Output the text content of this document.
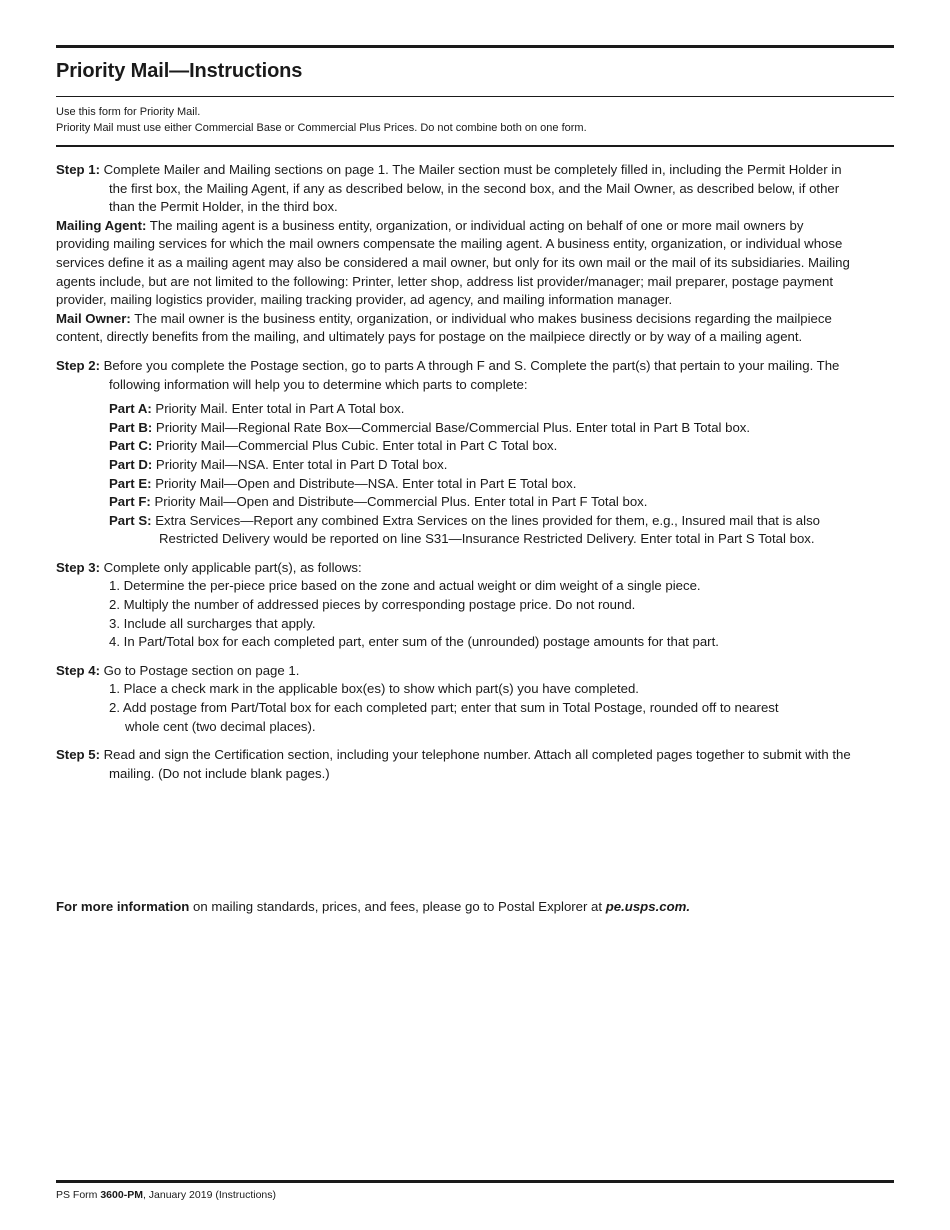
Priority Mail—Instructions
Use this form for Priority Mail.
Priority Mail must use either Commercial Base or Commercial Plus Prices. Do not combine both on one form.

Step 1: Complete Mailer and Mailing sections on page 1. The Mailer section must be completely filled in, including the Permit Holder in the first box, the Mailing Agent, if any as described below, in the second box, and the Mail Owner, as described below, if other than the Permit Holder, in the third box.

Mailing Agent: The mailing agent is a business entity, organization, or individual acting on behalf of one or more mail owners by providing mailing services for which the mail owners compensate the mailing agent. A business entity, organization, or individual whose services define it as a mailing agent may also be considered a mail owner, but only for its own mail or the mail of its subsidiaries. Mailing agents include, but are not limited to the following: Printer, letter shop, address list provider/manager; mail preparer, postage payment provider, mailing logistics provider, mailing tracking provider, ad agency, and mailing information manager.

Mail Owner: The mail owner is the business entity, organization, or individual who makes business decisions regarding the mailpiece content, directly benefits from the mailing, and ultimately pays for postage on the mailpiece directly or by way of a mailing agent.

Step 2: Before you complete the Postage section, go to parts A through F and S. Complete the part(s) that pertain to your mailing. The following information will help you to determine which parts to complete:

Part A: Priority Mail. Enter total in Part A Total box.
Part B: Priority Mail—Regional Rate Box—Commercial Base/Commercial Plus. Enter total in Part B Total box.
Part C: Priority Mail—Commercial Plus Cubic. Enter total in Part C Total box.
Part D: Priority Mail—NSA. Enter total in Part D Total box.
Part E: Priority Mail—Open and Distribute—NSA. Enter total in Part E Total box.
Part F: Priority Mail—Open and Distribute—Commercial Plus. Enter total in Part F Total box.
Part S: Extra Services—Report any combined Extra Services on the lines provided for them, e.g., Insured mail that is also Restricted Delivery would be reported on line S31—Insurance Restricted Delivery. Enter total in Part S Total box.

Step 3: Complete only applicable part(s), as follows:

1. Determine the per-piece price based on the zone and actual weight or dim weight of a single piece.
2. Multiply the number of addressed pieces by corresponding postage price. Do not round.
3. Include all surcharges that apply.
4. In Part/Total box for each completed part, enter sum of the (unrounded) postage amounts for that part.

Step 4: Go to Postage section on page 1.

1. Place a check mark in the applicable box(es) to show which part(s) you have completed.
2. Add postage from Part/Total box for each completed part; enter that sum in Total Postage, rounded off to nearest whole cent (two decimal places).

Step 5: Read and sign the Certification section, including your telephone number. Attach all completed pages together to submit with the mailing. (Do not include blank pages.)

For more information on mailing standards, prices, and fees, please go to Postal Explorer at pe.usps.com.
PS Form 3600-PM, January 2019 (Instructions)
